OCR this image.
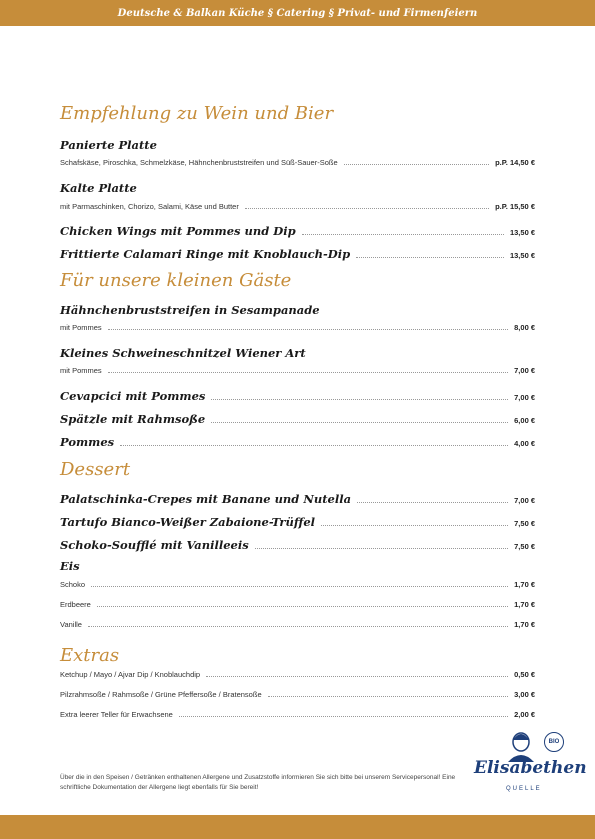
Deutsche & Balkan Küche § Catering § Privat- und Firmenfeiern
Empfehlung zu Wein und Bier
Panierte Platte
Schafskäse, Piroschka, Schmelzkäse, Hähnchenbruststreifen und Süß-Sauer-Soße	p.P. 14,50 €
Kalte Platte
mit Parmaschinken, Chorizo, Salami, Käse und Butter	p.P. 15,50 €
Chicken Wings mit Pommes und Dip	13,50 €
Frittierte Calamari Ringe mit Knoblauch-Dip	13,50 €
Für unsere kleinen Gäste
Hähnchenbruststreifen in Sesampanade
mit Pommes	8,00 €
Kleines Schweineschnitzel Wiener Art
mit Pommes	7,00 €
Cevapcici mit Pommes	7,00 €
Spätzle mit Rahmsoße	6,00 €
Pommes	4,00 €
Dessert
Palatschinka-Crepes mit Banane und Nutella	7,00 €
Tartufo Bianco-Weißer Zabaione-Trüffel	7,50 €
Schoko-Soufflé mit Vanilleeis	7,50 €
Eis
Schoko	1,70 €
Erdbeere	1,70 €
Vanille	1,70 €
Extras
Ketchup / Mayo / Ajvar Dip / Knoblauchdip	0,50 €
Pilzrahmsoße / Rahmsoße / Grüne Pfeffersoße / Bratensoße	3,00 €
Extra leerer Teller für Erwachsene	2,00 €
Über die in den Speisen / Getränken enthaltenen Allergene und Zusatzstoffe informieren Sie sich bitte bei unserem Servicepersonal! Eine schriftliche Dokumentation der Allergene liegt ebenfalls für Sie bereit!
BIO
Elisabethen
QUELLE
